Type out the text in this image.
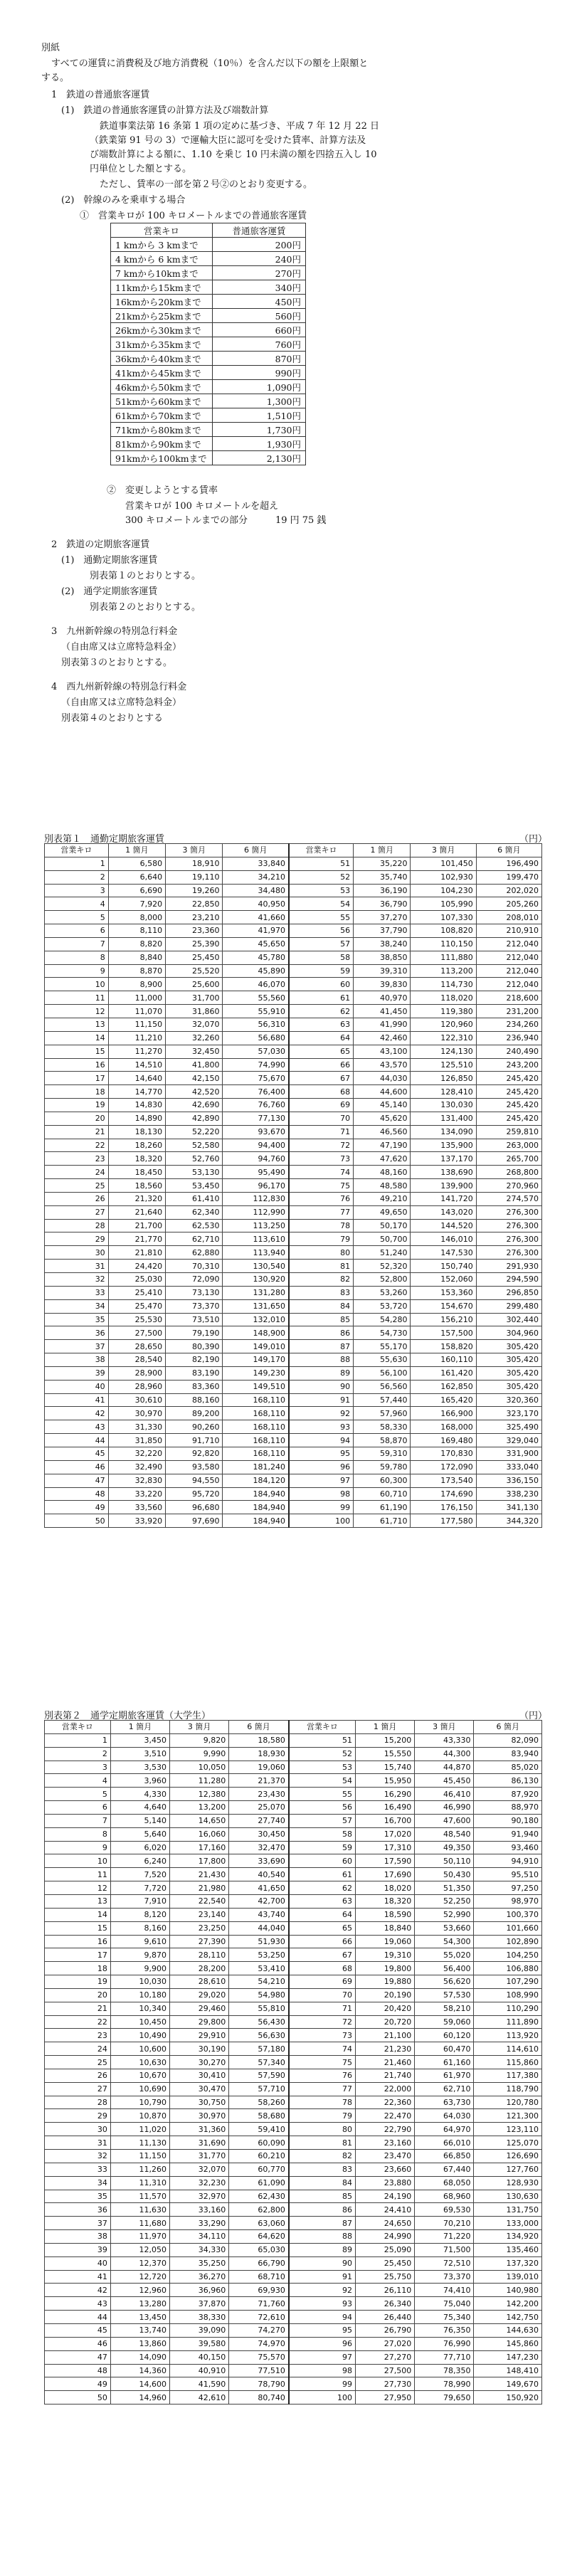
別紙
すべての運賃に消費税及び地方消費税（10％）を含んだ以下の額を上限額と
する。
1　鉄道の普通旅客運賃
(1)　鉄道の普通旅客運賃の計算方法及び端数計算
鉄道事業法第 16 条第 1 項の定めに基づき、平成 7 年 12 月 22 日
（鉄業第 91 号の 3）で運輸大臣に認可を受けた賃率、計算方法及
び端数計算による額に、1.10 を乗じ 10 円未満の額を四捨五入し 10
円単位とした額とする。
ただし、賃率の一部を第２号②のとおり変更する。
(2)　幹線のみを乗車する場合
①　営業キロが 100 キロメートルまでの普通旅客運賃
営業キロ	普通旅客運賃
1 kmから 3 kmまで	200円
4 kmから 6 kmまで	240円
7 kmから10kmまで	270円
11kmから15kmまで	340円
16kmから20kmまで	450円
21kmから25kmまで	560円
26kmから30kmまで	660円
31kmから35kmまで	760円
36kmから40kmまで	870円
41kmから45kmまで	990円
46kmから50kmまで	1,090円
51kmから60kmまで	1,300円
61kmから70kmまで	1,510円
71kmから80kmまで	1,730円
81kmから90kmまで	1,930円
91kmから100kmまで	2,130円
②　変更しようとする賃率
営業キロが 100 キロメートルを超え
300 キロメートルまでの部分　　　19 円 75 銭
2　鉄道の定期旅客運賃
(1)　通勤定期旅客運賃
別表第１のとおりとする。
(2)　通学定期旅客運賃
別表第２のとおりとする。
3　九州新幹線の特別急行料金
（自由席又は立席特急料金）
別表第３のとおりとする。
4　西九州新幹線の特別急行料金
（自由席又は立席特急料金）
別表第４のとおりとする
別表第１　通勤定期旅客運賃	（円）
営業キロ	1 箇月	3 箇月	6 箇月	営業キロ	1 箇月	3 箇月	6 箇月
1	6,580	18,910	33,840	51	35,220	101,450	196,490
2	6,640	19,110	34,210	52	35,740	102,930	199,470
3	6,690	19,260	34,480	53	36,190	104,230	202,020
4	7,920	22,850	40,950	54	36,790	105,990	205,260
5	8,000	23,210	41,660	55	37,270	107,330	208,010
6	8,110	23,360	41,970	56	37,790	108,820	210,910
7	8,820	25,390	45,650	57	38,240	110,150	212,040
8	8,840	25,450	45,780	58	38,850	111,880	212,040
9	8,870	25,520	45,890	59	39,310	113,200	212,040
10	8,900	25,600	46,070	60	39,830	114,730	212,040
11	11,000	31,700	55,560	61	40,970	118,020	218,600
12	11,070	31,860	55,910	62	41,450	119,380	231,200
13	11,150	32,070	56,310	63	41,990	120,960	234,260
14	11,210	32,260	56,680	64	42,460	122,310	236,940
15	11,270	32,450	57,030	65	43,100	124,130	240,490
16	14,510	41,800	74,990	66	43,570	125,510	243,200
17	14,640	42,150	75,670	67	44,030	126,850	245,420
18	14,770	42,520	76,400	68	44,600	128,410	245,420
19	14,830	42,690	76,760	69	45,140	130,030	245,420
20	14,890	42,890	77,130	70	45,620	131,400	245,420
21	18,130	52,220	93,670	71	46,560	134,090	259,810
22	18,260	52,580	94,400	72	47,190	135,900	263,000
23	18,320	52,760	94,760	73	47,620	137,170	265,700
24	18,450	53,130	95,490	74	48,160	138,690	268,800
25	18,560	53,450	96,170	75	48,580	139,900	270,960
26	21,320	61,410	112,830	76	49,210	141,720	274,570
27	21,640	62,340	112,990	77	49,650	143,020	276,300
28	21,700	62,530	113,250	78	50,170	144,520	276,300
29	21,770	62,710	113,610	79	50,700	146,010	276,300
30	21,810	62,880	113,940	80	51,240	147,530	276,300
31	24,420	70,310	130,540	81	52,320	150,740	291,930
32	25,030	72,090	130,920	82	52,800	152,060	294,590
33	25,410	73,130	131,280	83	53,260	153,360	296,850
34	25,470	73,370	131,650	84	53,720	154,670	299,480
35	25,530	73,510	132,010	85	54,280	156,210	302,440
36	27,500	79,190	148,900	86	54,730	157,500	304,960
37	28,650	80,390	149,010	87	55,170	158,820	305,420
38	28,540	82,190	149,170	88	55,630	160,110	305,420
39	28,900	83,190	149,230	89	56,100	161,420	305,420
40	28,960	83,360	149,510	90	56,560	162,850	305,420
41	30,610	88,160	168,110	91	57,440	165,420	320,360
42	30,970	89,200	168,110	92	57,960	166,900	323,170
43	31,330	90,260	168,110	93	58,330	168,000	325,490
44	31,850	91,710	168,110	94	58,870	169,480	329,040
45	32,220	92,820	168,110	95	59,310	170,830	331,900
46	32,490	93,580	181,240	96	59,780	172,090	333,040
47	32,830	94,550	184,120	97	60,300	173,540	336,150
48	33,220	95,720	184,940	98	60,710	174,690	338,230
49	33,560	96,680	184,940	99	61,190	176,150	341,130
50	33,920	97,690	184,940	100	61,710	177,580	344,320
別表第２　通学定期旅客運賃（大学生）	（円）
営業キロ	1 箇月	3 箇月	6 箇月	営業キロ	1 箇月	3 箇月	6 箇月
1	3,450	9,820	18,580	51	15,200	43,330	82,090
2	3,510	9,990	18,930	52	15,550	44,300	83,940
3	3,530	10,050	19,060	53	15,740	44,870	85,020
4	3,960	11,280	21,370	54	15,950	45,450	86,130
5	4,330	12,380	23,430	55	16,290	46,410	87,920
6	4,640	13,200	25,070	56	16,490	46,990	88,970
7	5,140	14,650	27,740	57	16,700	47,600	90,180
8	5,640	16,060	30,450	58	17,020	48,540	91,940
9	6,020	17,160	32,470	59	17,310	49,350	93,460
10	6,240	17,800	33,690	60	17,590	50,110	94,910
11	7,520	21,430	40,540	61	17,690	50,430	95,510
12	7,720	21,980	41,650	62	18,020	51,350	97,250
13	7,910	22,540	42,700	63	18,320	52,250	98,970
14	8,120	23,140	43,740	64	18,590	52,990	100,370
15	8,160	23,250	44,040	65	18,840	53,660	101,660
16	9,610	27,390	51,930	66	19,060	54,300	102,890
17	9,870	28,110	53,250	67	19,310	55,020	104,250
18	9,900	28,200	53,410	68	19,800	56,400	106,880
19	10,030	28,610	54,210	69	19,880	56,620	107,290
20	10,180	29,020	54,980	70	20,190	57,530	108,990
21	10,340	29,460	55,810	71	20,420	58,210	110,290
22	10,450	29,800	56,430	72	20,720	59,060	111,890
23	10,490	29,910	56,630	73	21,100	60,120	113,920
24	10,600	30,190	57,180	74	21,230	60,470	114,610
25	10,630	30,270	57,340	75	21,460	61,160	115,860
26	10,670	30,410	57,590	76	21,740	61,970	117,380
27	10,690	30,470	57,710	77	22,000	62,710	118,790
28	10,790	30,750	58,260	78	22,360	63,730	120,780
29	10,870	30,970	58,680	79	22,470	64,030	121,300
30	11,020	31,360	59,410	80	22,790	64,970	123,110
31	11,130	31,690	60,090	81	23,160	66,010	125,070
32	11,150	31,770	60,210	82	23,470	66,850	126,690
33	11,260	32,070	60,770	83	23,660	67,440	127,760
34	11,310	32,230	61,090	84	23,880	68,050	128,930
35	11,570	32,970	62,430	85	24,190	68,960	130,630
36	11,630	33,160	62,800	86	24,410	69,530	131,750
37	11,680	33,290	63,060	87	24,650	70,210	133,000
38	11,970	34,110	64,620	88	24,990	71,220	134,920
39	12,050	34,330	65,030	89	25,090	71,500	135,460
40	12,370	35,250	66,790	90	25,450	72,510	137,320
41	12,720	36,270	68,710	91	25,750	73,370	139,010
42	12,960	36,960	69,930	92	26,110	74,410	140,980
43	13,280	37,870	71,760	93	26,340	75,040	142,200
44	13,450	38,330	72,610	94	26,440	75,340	142,750
45	13,740	39,090	74,270	95	26,790	76,350	144,630
46	13,860	39,580	74,970	96	27,020	76,990	145,860
47	14,090	40,150	75,570	97	27,270	77,710	147,230
48	14,360	40,910	77,510	98	27,500	78,350	148,410
49	14,600	41,590	78,790	99	27,730	78,990	149,670
50	14,960	42,610	80,740	100	27,950	79,650	150,920
